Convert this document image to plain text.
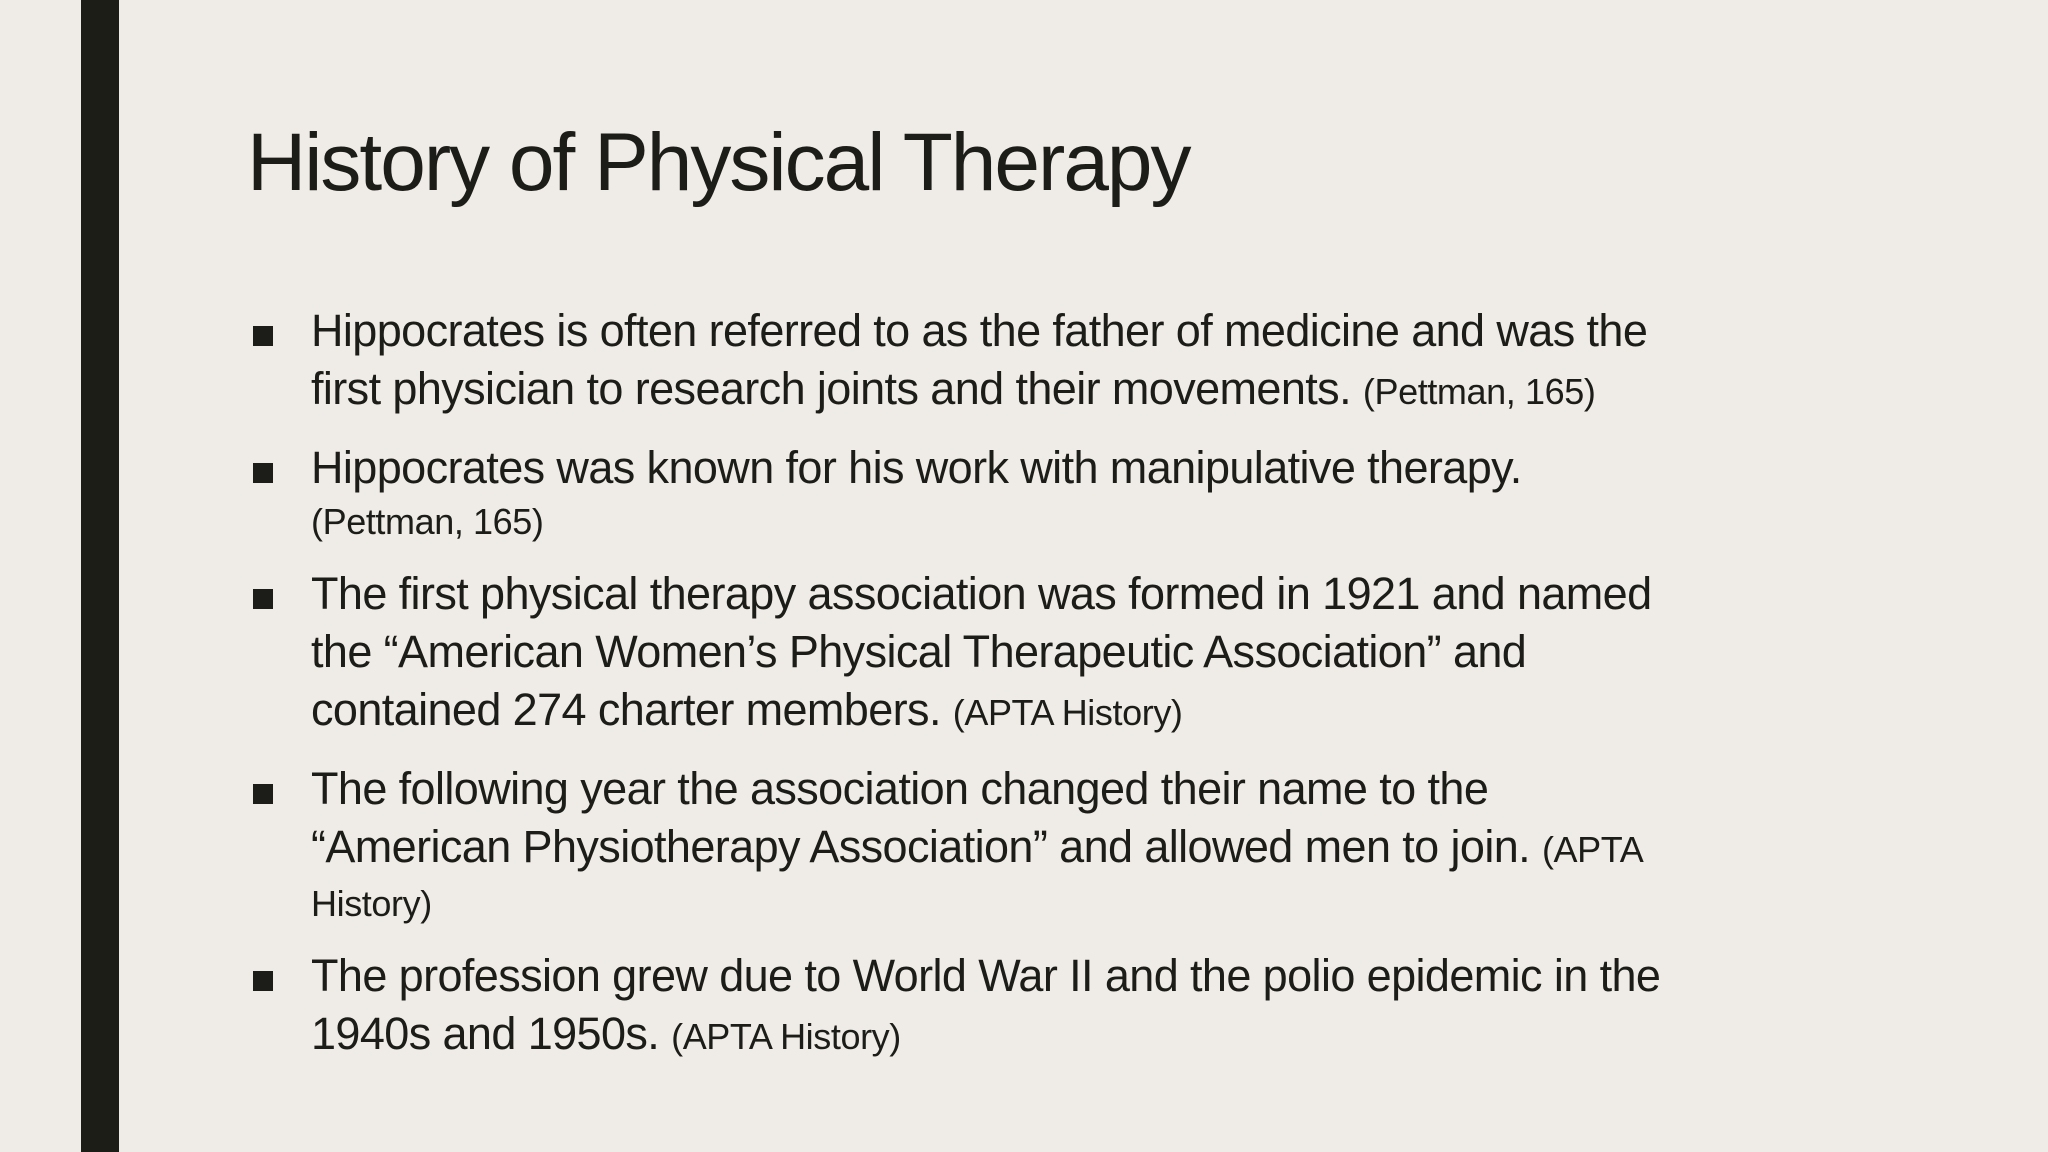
History of Physical Therapy
Hippocrates is often referred to as the father of medicine and was the
first physician to research joints and their movements. (Pettman, 165)
Hippocrates was known for his work with manipulative therapy.
(Pettman, 165)
The first physical therapy association was formed in 1921 and named
the “American Women’s Physical Therapeutic Association” and
contained 274 charter members. (APTA History)
The following year the association changed their name to the
“American Physiotherapy Association” and allowed men to join. (APTA
History)
The profession grew due to World War II and the polio epidemic in the
1940s and 1950s. (APTA History)
